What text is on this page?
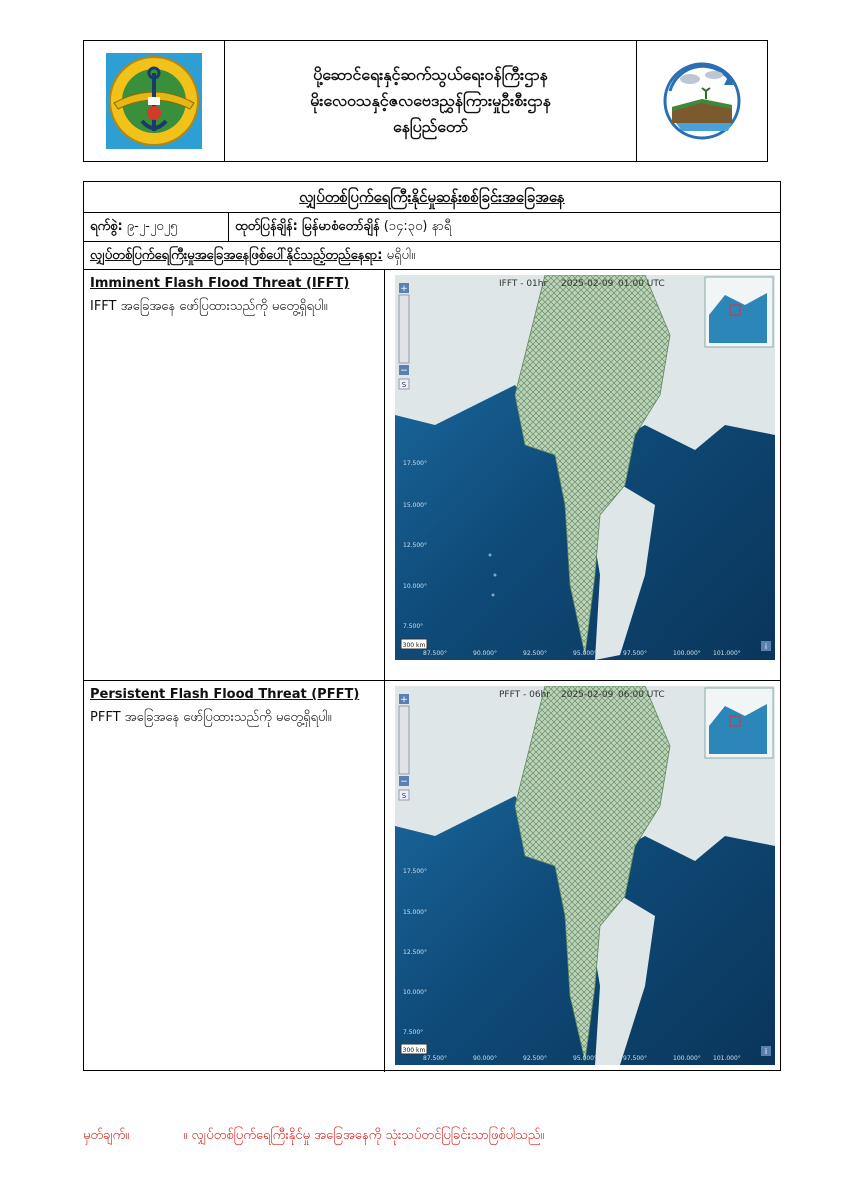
ပို့ဆောင်ရေးနှင့်ဆက်သွယ်ရေးဝန်ကြီးဌာန
မိုးလေဝသနှင့်ဇလဗေဒညွှန်ကြားမှုဦးစီးဌာန
နေပြည်တော်
လျှပ်တစ်ပြက်ရေကြီးနိုင်မှုဆန်းစစ်ခြင်းအခြေအနေ
ရက်စွဲ: ၉-၂-၂၀၂၅	ထုတ်ပြန်ချိန်: မြန်မာစံတော်ချိန် (၁၄:၃၀) နာရီ
လျှပ်တစ်ပြက်ရေကြီးမှုအခြေအနေဖြစ်ပေါ်နိုင်သည့်တည်နေရာ: မရှိပါ။
Imminent Flash Flood Threat (IFFT)
IFFT အခြေအနေ ဖော်ပြထားသည်ကို မတွေ့ရှိရပါ။
IFFT - 01hr 2025-02-09 01:00 UTC
+
−
S
17.500°
15.000°
12.500°
10.000°
7.500°
87.500°	90.000°	92.500°	95.000°	97.500°	100.000° 101.000°
300 km	i
Persistent Flash Flood Threat (PFFT)
PFFT အခြေအနေ ဖော်ပြထားသည်ကို မတွေ့ရှိရပါ။
PFFT - 06hr 2025-02-09 06:00 UTC
+
−
S
17.500°
15.000°
12.500°
10.000°
7.500°
87.500°	90.000°	92.500°	95.000°	97.500°	100.000° 101.000°
300 km	i
မှတ်ချက်။	။ လျှပ်တစ်ပြက်ရေကြီးနိုင်မှု အခြေအနေကို သုံးသပ်တင်ပြခြင်းသာဖြစ်ပါသည်။
